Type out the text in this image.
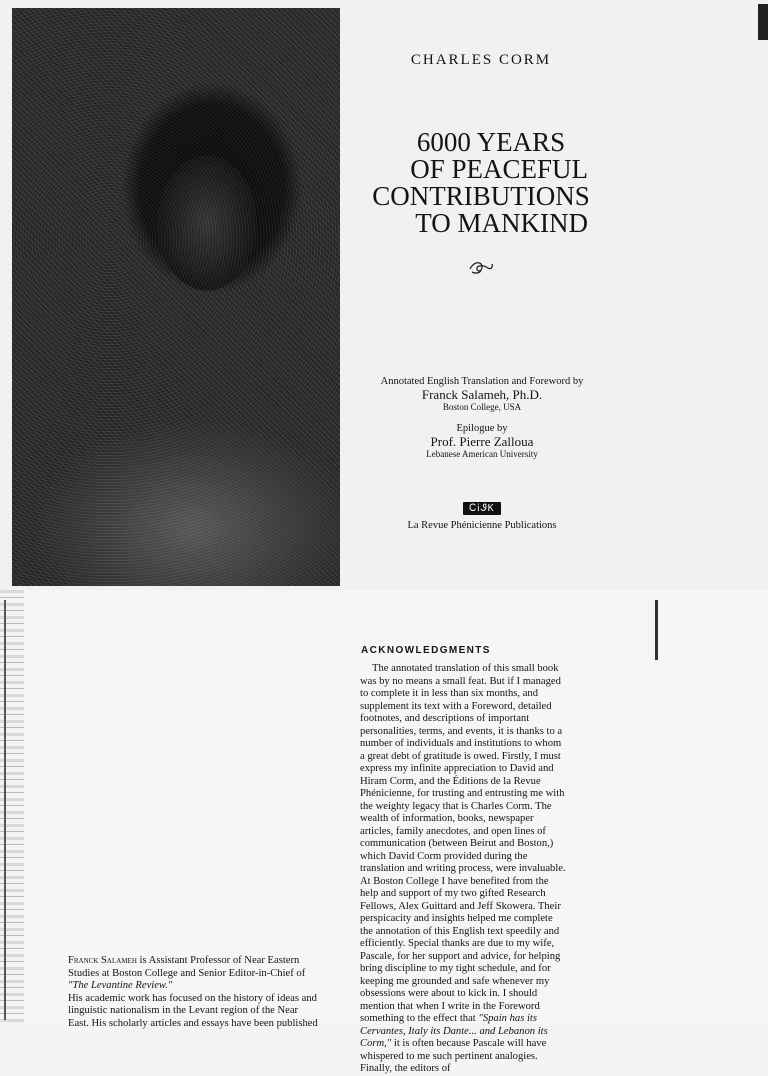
CHARLES CORM
6000 YEARS
OF PEACEFUL
CONTRIBUTIONS
TO MANKIND
Annotated English Translation and Foreword by
Franck Salameh, Ph.D.
Boston College, USA
Epilogue by
Prof. Pierre Zalloua
Lebanese American University
ᏟᎥᏭK
La Revue Phénicienne Publications
ACKNOWLEDGMENTS

The annotated translation of this small book was by no means a small feat. But if I managed to complete it in less than six months, and supplement its text with a Foreword, detailed footnotes, and descriptions of important personalities, terms, and events, it is thanks to a number of individuals and institutions to whom a great debt of gratitude is owed. Firstly, I must express my infinite appreciation to David and Hiram Corm, and the Éditions de la Revue Phénicienne, for trusting and entrusting me with the weighty legacy that is Charles Corm. The wealth of information, books, newspaper articles, family anecdotes, and open lines of communication (between Beirut and Boston,) which David Corm provided during the translation and writing process, were invaluable. At Boston College I have benefited from the help and support of my two gifted Research Fellows, Alex Guittard and Jeff Skowera. Their perspicacity and insights helped me complete the annotation of this English text speedily and efficiently. Special thanks are due to my wife, Pascale, for her support and advice, for helping bring discipline to my tight schedule, and for keeping me grounded and safe whenever my obsessions were about to kick in. I should mention that when I write in the Foreword something to the effect that "Spain has its Cervantes, Italy its Dante... and Lebanon its Corm," it is often because Pascale will have whispered to me such pertinent analogies. Finally, the editors of

Franck Salameh is Assistant Professor of Near Eastern Studies at Boston College and Senior Editor-in-Chief of "The Levantine Review."

His academic work has focused on the history of ideas and linguistic nationalism in the Levant region of the Near East. His scholarly articles and essays have been published
